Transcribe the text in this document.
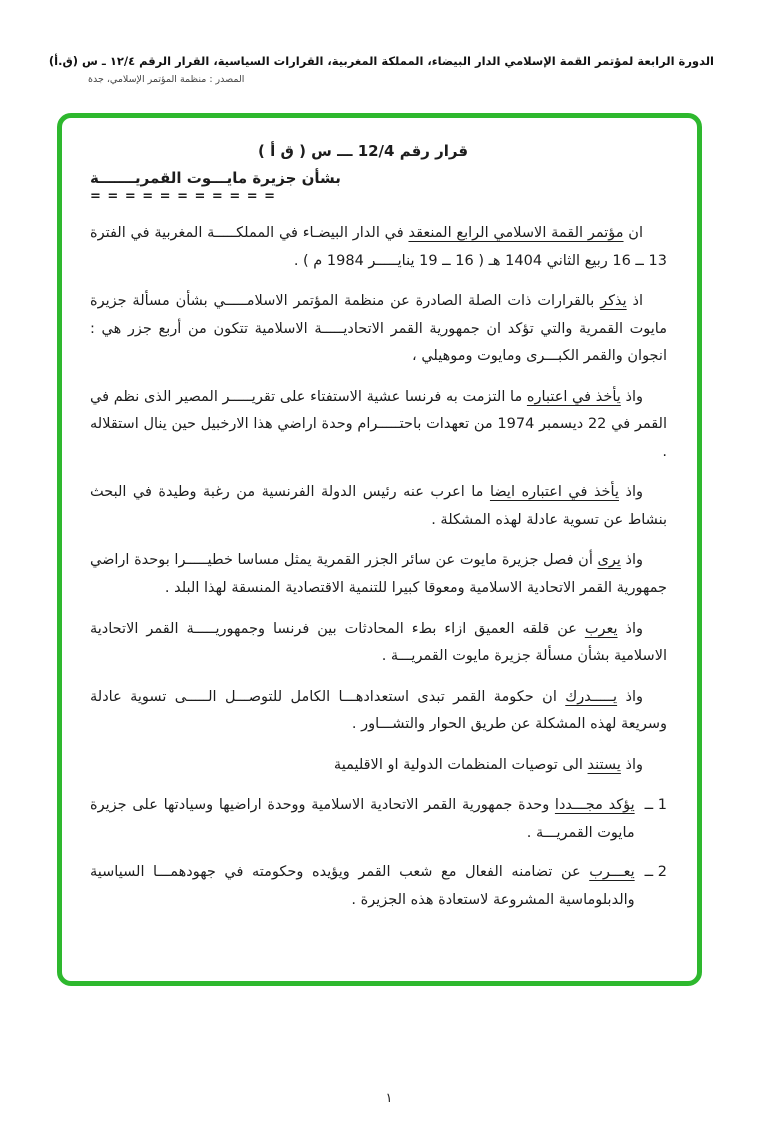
الدورة الرابعة لمؤتمر القمة الإسلامي الدار البيضاء، المملكة المغربية، القرارات السياسية، القرار الرقم ١٢/٤ ـ س (ق.أ)
المصدر : منظمة المؤتمر الإسلامي، جدة
قرار رقم 12/4 ـــ س ( ق أ )
بشأن جزيرة مايـــوت القمريـــــــة
= = = = = = = = = = =

ان مؤتمر القمة الاسلامي الرابع المنعقد في الدار البيضـاء في المملكـــــة المغربية في الفترة 13 ــ 16 ربيع الثاني 1404 هـ ( 16 ــ 19 ينايـــــر 1984 م ) .

اذ يذكر بالقرارات ذات الصلة الصادرة عن منظمة المؤتمر الاسلامـــــي بشأن مسألة جزيرة مايوت القمرية والتي تؤكد ان جمهورية القمر الاتحاديـــــة الاسلامية تتكون من أربع جزر هي : انجوان والقمر الكبـــرى ومايوت وموهيلي ،

واذ يأخذ في اعتباره ما التزمت به فرنسا عشية الاستفتاء على تقريـــــر المصير الذى نظم في القمر في 22 ديسمبر 1974 من تعهدات باحتـــــرام وحدة اراضي هذا الارخبيل حين ينال استقلاله .

واذ يأخذ في اعتباره ايضا ما اعرب عنه رئيس الدولة الفرنسية من رغبة وطيدة في البحث بنشاط عن تسوية عادلة لهذه المشكلة .

واذ يرى أن فصل جزيرة مايوت عن سائر الجزر القمرية يمثل مساسا خطيـــــرا بوحدة اراضي جمهورية القمر الاتحادية الاسلامية ومعوقا كبيرا للتنمية الاقتصادية المنسقة لهذا البلد .

واذ يعرب عن قلقه العميق ازاء بطء المحادثات بين فرنسا وجمهوريـــــة القمر الاتحادية الاسلامية بشأن مسألة جزيرة مايوت القمريـــة .

واذ يـــــدرك ان حكومة القمر تبدى استعدادهـــا الكامل للتوصـــل الـــــى تسوية عادلة وسريعة لهذه المشكلة عن طريق الحوار والتشـــاور .

واذ يستند الى توصيات المنظمات الدولية او الاقليمية

1 ــ
يؤكد مجـــددا وحدة جمهورية القمر الاتحادية الاسلامية ووحدة اراضيها وسيادتها على جزيرة مايوت القمريـــة .
2 ــ
يعـــرب عن تضامنه الفعال مع شعب القمر ويؤيده وحكومته في جهودهمـــا السياسية والدبلوماسية المشروعة لاستعادة هذه الجزيرة .
١
